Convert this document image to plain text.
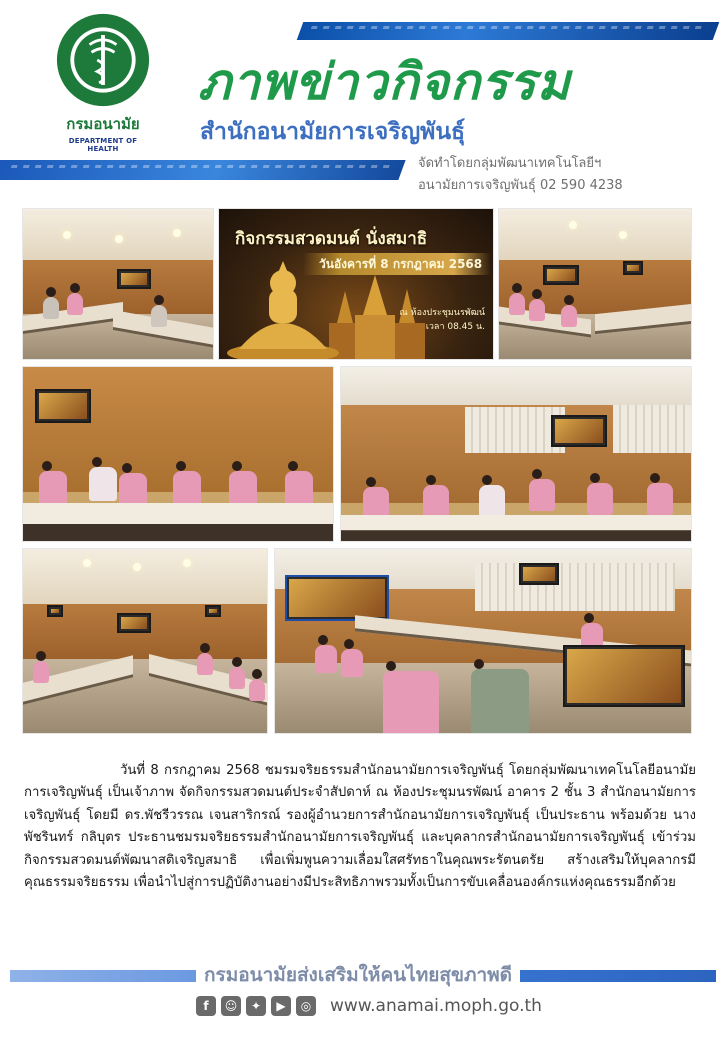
กรมอนามัย
DEPARTMENT OF HEALTH
ภาพข่าวกิจกรรม
สำนักอนามัยการเจริญพันธุ์
จัดทำโดยกลุ่มพัฒนาเทคโนโลยีฯ
อนามัยการเจริญพันธุ์ 02 590 4238
กิจกรรมสวดมนต์ นั่งสมาธิ
วันอังคารที่ 8 กรกฎาคม 2568
ณ ห้องประชุมนรพัฒน์
เวลา 08.45 น.
วันที่ 8 กรกฎาคม 2568 ชมรมจริยธรรมสำนักอนามัยการเจริญพันธุ์ โดยกลุ่มพัฒนาเทคโนโลยีอนามัยการเจริญพันธุ์ เป็นเจ้าภาพ จัดกิจกรรมสวดมนต์ประจำสัปดาห์ ณ ห้องประชุมนรพัฒน์ อาคาร 2 ชั้น 3 สำนักอนามัยการเจริญพันธุ์ โดยมี ดร.พัชรีวรรณ เจนสาริกรณ์ รองผู้อำนวยการสำนักอนามัยการเจริญพันธุ์ เป็นประธาน พร้อมด้วย นางพัชรินทร์ กลิบุตร ประธานชมรมจริยธรรมสำนักอนามัยการเจริญพันธุ์ และบุคลากรสำนักอนามัยการเจริญพันธุ์ เข้าร่วมกิจกรรมสวดมนต์พัฒนาสติเจริญสมาธิ เพื่อเพิ่มพูนความเลื่อมใสศรัทธาในคุณพระรัตนตรัย สร้างเสริมให้บุคลากรมีคุณธรรมจริยธรรม เพื่อนำไปสู่การปฏิบัติงานอย่างมีประสิทธิภาพรวมทั้งเป็นการขับเคลื่อนองค์กรแห่งคุณธรรมอีกด้วย
กรมอนามัยส่งเสริมให้คนไทยสุขภาพดี
f	☺	✦	▶	◎ www.anamai.moph.go.th
